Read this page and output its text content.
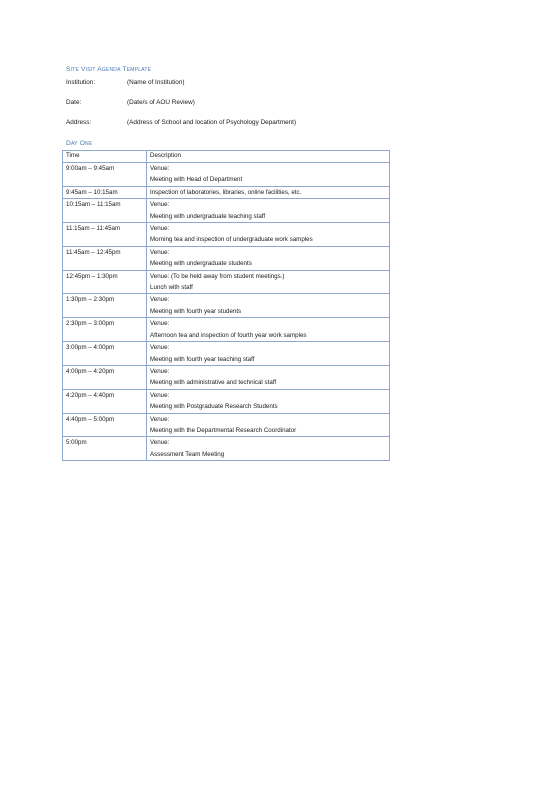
Site Visit Agenda Template
Institution:	(Name of Institution)
Date:	(Date/s of AOU Review)
Address:	(Address of School and location of Psychology Department)
Day One
Time	Description
9:00am – 9:45am	Venue:
Meeting with Head of Department

9:45am – 10:15am	Inspection of laboratories, libraries, online facilities, etc.

10:15am – 11:15am	Venue:
Meeting with undergraduate teaching staff

11:15am – 11:45am	Venue:
Morning tea and inspection of undergraduate work samples

11:45am – 12:45pm	Venue:
Meeting with undergraduate students

12:45pm – 1:30pm	Venue: (To be held away from student meetings.)
Lunch with staff

1:30pm – 2:30pm	Venue:
Meeting with fourth year students

2:30pm – 3:00pm	Venue:
Afternoon tea and inspection of fourth year work samples

3:00pm – 4:00pm	Venue:
Meeting with fourth year teaching staff

4:00pm – 4:20pm	Venue:
Meeting with administrative and technical staff

4:20pm – 4:40pm	Venue:
Meeting with Postgraduate Research Students

4:40pm – 5:00pm	Venue:
Meeting with the Departmental Research Coordinator

5:00pm	Venue:
Assessment Team Meeting
